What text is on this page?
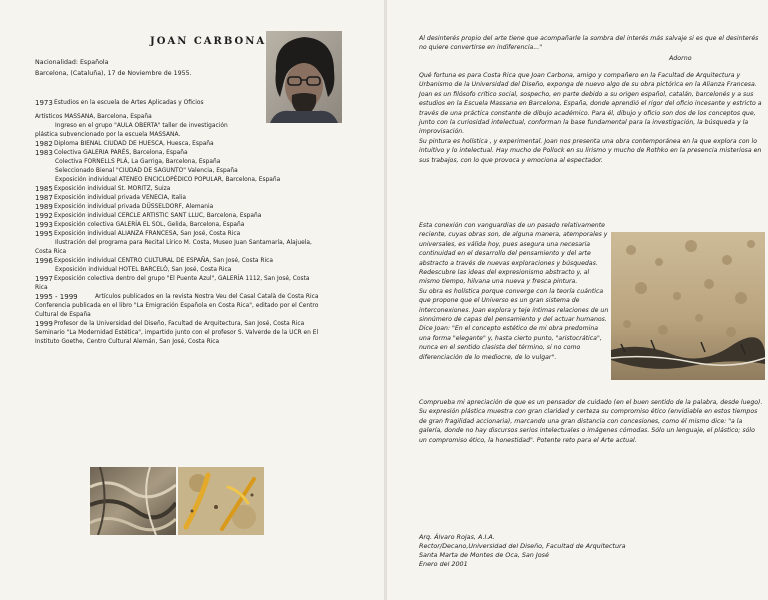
JOAN CARBONA
Nacionalidad: Española
Barcelona, (Cataluña), 17 de Noviembre de 1955.
1973 Estudios en la escuela de Artes Aplicadas y Oficios
Artísticos MASSANA, Barcelona, España
Ingreso en el grupo "AULA OBERTA" taller de investigación
plástica subvencionado por la escuela MASSANA.
1982 Diploma BIENAL CIUDAD DE HUESCA, Huesca, España
1983 Colectiva GALERIA PARÉS, Barcelona, España
Colectiva FORNELLS PLÀ, La Garriga, Barcelona, España
Seleccionado Bienal "CIUDAD DE SAGUNTO" Valencia, España
Exposición individual ATENEO ENCICLOPÉDICO POPULAR, Barcelona, España
1985 Exposición individual St. MORITZ, Suiza
1987 Exposición individual privada VENECIA, Italia
1989 Exposición individual privada DÜSSELDORF, Alemania
1992 Exposición individual CERCLE ARTISTIC SANT LLUC, Barcelona, España
1993 Exposición colectiva GALERÍA EL SOL, Gelida, Barcelona, España
1995 Exposición individual ALIANZA FRANCESA, San José, Costa Rica
Ilustración del programa para Recital Lírico M. Costa, Museo Juan Santamaría, Alajuela,
Costa Rica
1996 Exposición individual CENTRO CULTURAL DE ESPAÑA, San José, Costa Rica
Exposición individual HOTEL BARCELÓ, San José, Costa Rica
1997 Exposición colectiva dentro del grupo "El Puente Azul", GALERÍA 1112, San José, Costa
Rica
1995 - 1999	Artículos publicados en la revista Nostra Veu del Casal Català de Costa Rica
Conferencia publicada en el libro "La Emigración Española en Costa Rica", editado por el Centro
Cultural de España
1999 Profesor de la Universidad del Diseño, Facultad de Arquitectura, San José, Costa Rica
Seminario "La Modernidad Estética", impartido junto con el profesor S. Valverde de la UCR en El
Instituto Goethe, Centro Cultural Alemán, San José, Costa Rica
Al desinterés propio del arte tiene que acompañarle la sombra del interés más salvaje si es que el desinterés no quiere convertirse en indiferencia..."
Adorno

Qué fortuna es para Costa Rica que Joan Carbona, amigo y compañero en la Facultad de Arquitectura y Urbanismo de la Universidad del Diseño, exponga de nuevo algo de su obra pictórica en la Alianza Francesa.

Joan es un filósofo crítico social, sospecho, en parte debido a su origen español, catalán, barcelonés y a sus estudios en la Escuela Massana en Barcelona, España, donde aprendió el rigor del oficio incesante y estricto a través de una práctica constante de dibujo académico. Para él, dibujo y oficio son dos de los conceptos que, junto con la curiosidad intelectual, conforman la base fundamental para la investigación, la búsqueda y la improvisación.

Su pintura es holística , y experimental. Joan nos presenta una obra contemporánea en la que explora con lo intuitivo y lo intelectual. Hay mucho de Pollock en su lirismo y mucho de Rothko en la presencia misteriosa en sus trabajos, con lo que provoca y emociona al espectador.

Esta conexión con vanguardias de un pasado relativamente reciente, cuyas obras son, de alguna manera, atemporales y universales, es válida hoy, pues asegura una necesaria continuidad en el desarrollo del pensamiento y del arte abstracto a través de nuevas exploraciones y búsquedas. Redescubre las ideas del expresionismo abstracto y, al mismo tiempo, hilvana una nueva y fresca pintura.

Su obra es holística porque converge con la teoría cuántica que propone que el Universo es un gran sistema de interconexiones. Joan explora y teje íntimas relaciones de un sinnúmero de capas del pensamiento y del actuar humanos.

Dice Joan: "En el concepto estético de mi obra predomina una forma "elegante" y, hasta cierto punto, "aristocrática", nunca en el sentido clasista del término, si no como diferenciación de lo mediocre, de lo vulgar".

Comprueba mi apreciación de que es un pensador de cuidado (en el buen sentido de la palabra, desde luego). Su expresión plástica muestra con gran claridad y certeza su compromiso ético (envidiable en estos tiempos de gran fragilidad accionaria), marcando una gran distancia con concesiones, como él mismo dice: "a la galería, donde no hay discursos serios intelectuales o imágenes cómodas. Sólo un lenguaje, el plástico; sólo un compromiso ético, la honestidad". Potente reto para el Arte actual.

Arq. Álvaro Rojas, A.I.A.
Rector/Decano,Universidad del Diseño, Facultad de Arquitectura
Santa Marta de Montes de Oca, San José
Enero del 2001
